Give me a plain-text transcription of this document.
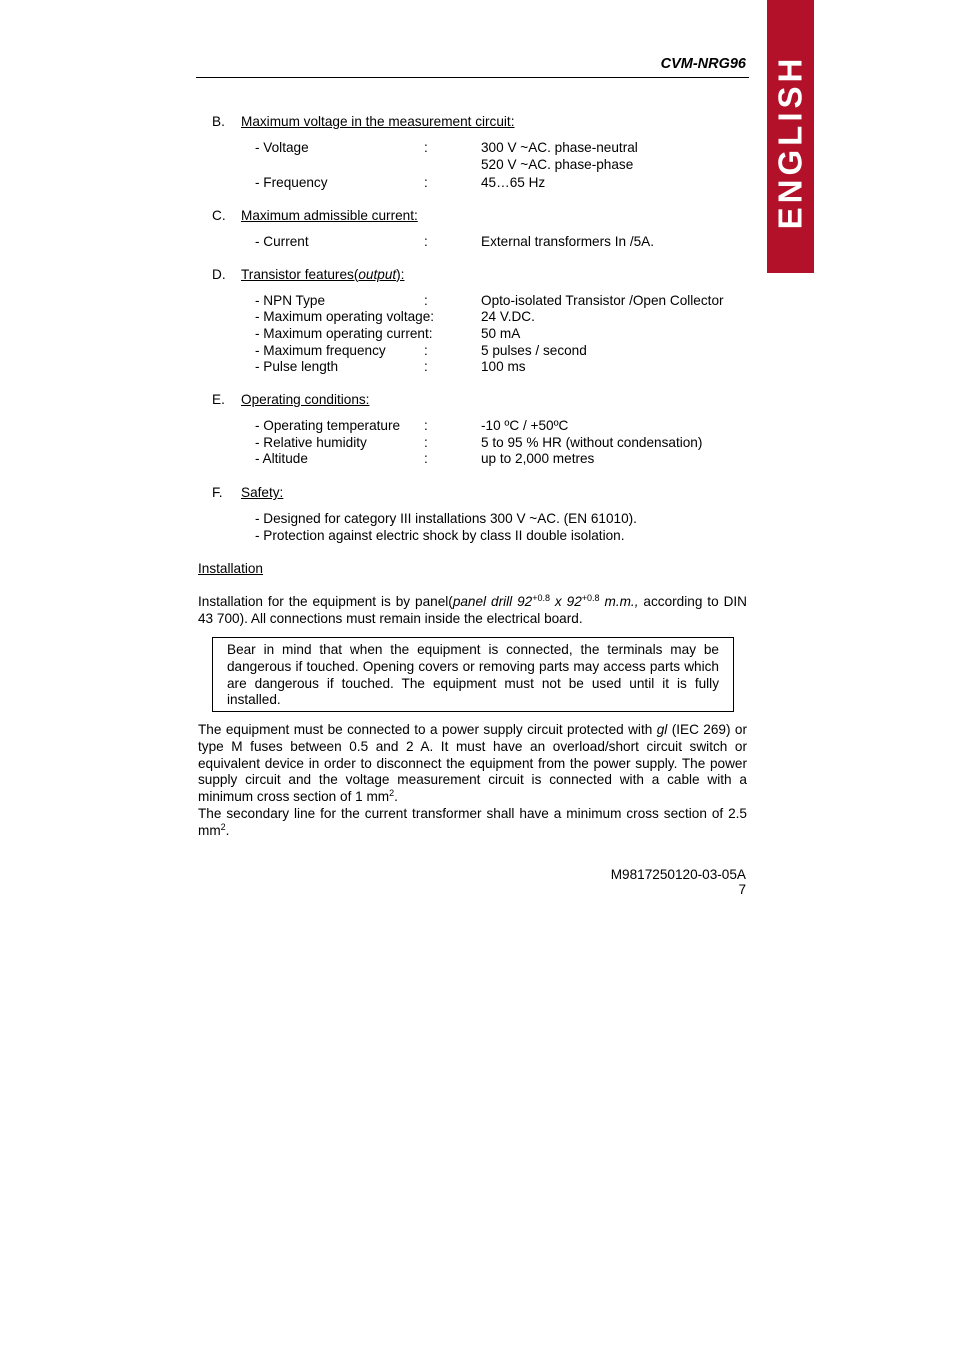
ENGLISH
CVM-NRG96
B. Maximum voltage in the measurement circuit:
- Voltage	:	300 V ~AC. phase-neutral
520 V ~AC. phase-phase
- Frequency	:	45…65 Hz
C. Maximum admissible current:
- Current	:	External transformers In /5A.
D. Transistor features(output):
- NPN Type	:	Opto-isolated Transistor /Open Collector
- Maximum operating voltage:	24 V.DC.
- Maximum operating current:	50 mA
- Maximum frequency	:	5 pulses / second
- Pulse length	:	100 ms
E. Operating conditions:
- Operating temperature :	-10 ºC / +50ºC
- Relative humidity	:	5 to 95 % HR (without condensation)
- Altitude	:	up to 2,000 metres
F. Safety:
- Designed for category III installations 300 V ~AC. (EN 61010).
- Protection against electric shock by class II double isolation.
Installation
Installation for the equipment is by panel(panel drill $92^{+0.8}$ x $92^{+0.8}$ m.m., according to DIN 43 700). All connections must remain inside the electrical board.
Bear in mind that when the equipment is connected, the terminals may be dangerous if touched. Opening covers or removing parts may access parts which are dangerous if touched. The equipment must not be used until it is fully installed.
The equipment must be connected to a power supply circuit protected with gl (IEC 269) or type M fuses between 0.5 and 2 A. It must have an overload/short circuit switch or equivalent device in order to disconnect the equipment from the power supply. The power supply circuit and the voltage measurement circuit is connected with a cable with a minimum cross section of 1 $mm^2$.
The secondary line for the current transformer shall have a minimum cross section of 2.5 $mm^2$.
M9817250120-03-05A
7
